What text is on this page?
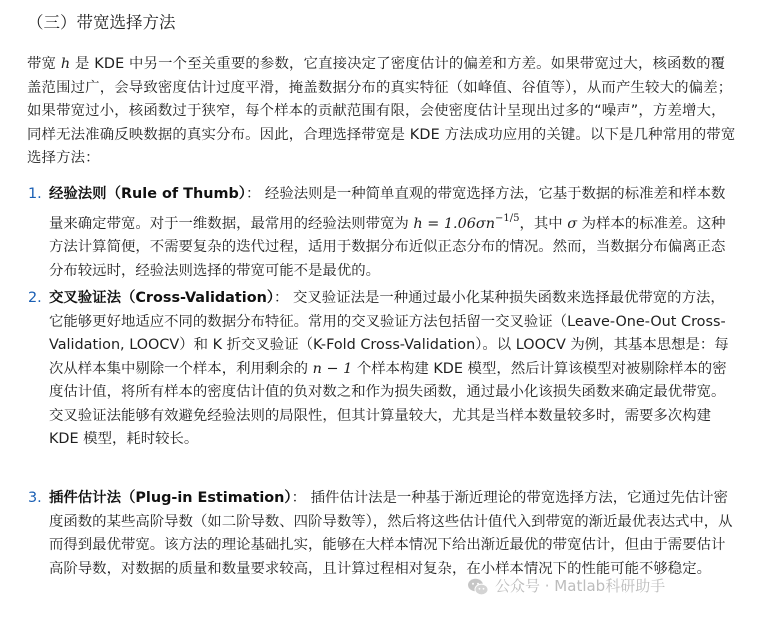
（三）带宽选择方法

带宽 h 是 KDE 中另一个至关重要的参数，它直接决定了密度估计的偏差和方差。如果带宽过大，核函数的覆盖范围过广，会导致密度估计过度平滑，掩盖数据分布的真实特征（如峰值、谷值等），从而产生较大的偏差；如果带宽过小，核函数过于狭窄，每个样本的贡献范围有限，会使密度估计呈现出过多的“噪声”，方差增大，同样无法准确反映数据的真实分布。因此，合理选择带宽是 KDE 方法成功应用的关键。以下是几种常用的带宽选择方法：

1. 经验法则（Rule of Thumb）： 经验法则是一种简单直观的带宽选择方法，它基于数据的标准差和样本数量来确定带宽。对于一维数据，最常用的经验法则带宽为 $h = 1.06\sigma n^{-1/5}$，其中 σ 为样本的标准差。这种方法计算简便，不需要复杂的迭代过程，适用于数据分布近似正态分布的情况。然而，当数据分布偏离正态分布较远时，经验法则选择的带宽可能不是最优的。

2. 交叉验证法（Cross-Validation）： 交叉验证法是一种通过最小化某种损失函数来选择最优带宽的方法，它能够更好地适应不同的数据分布特征。常用的交叉验证方法包括留一交叉验证（Leave-One-Out Cross-Validation, LOOCV）和 K 折交叉验证（K-Fold Cross-Validation）。以 LOOCV 为例，其基本思想是：每次从样本集中剔除一个样本，利用剩余的 n − 1 个样本构建 KDE 模型，然后计算该模型对被剔除样本的密度估计值，将所有样本的密度估计值的负对数之和作为损失函数，通过最小化该损失函数来确定最优带宽。交叉验证法能够有效避免经验法则的局限性，但其计算量较大，尤其是当样本数量较多时，需要多次构建 KDE 模型，耗时较长。

3. 插件估计法（Plug-in Estimation）： 插件估计法是一种基于渐近理论的带宽选择方法，它通过先估计密度函数的某些高阶导数（如二阶导数、四阶导数等），然后将这些估计值代入到带宽的渐近最优表达式中，从而得到最优带宽。该方法的理论基础扎实，能够在大样本情况下给出渐近最优的带宽估计，但由于需要估计高阶导数，对数据的质量和数量要求较高，且计算过程相对复杂，在小样本情况下的性能可能不够稳定。

公众号 · Matlab科研助手
